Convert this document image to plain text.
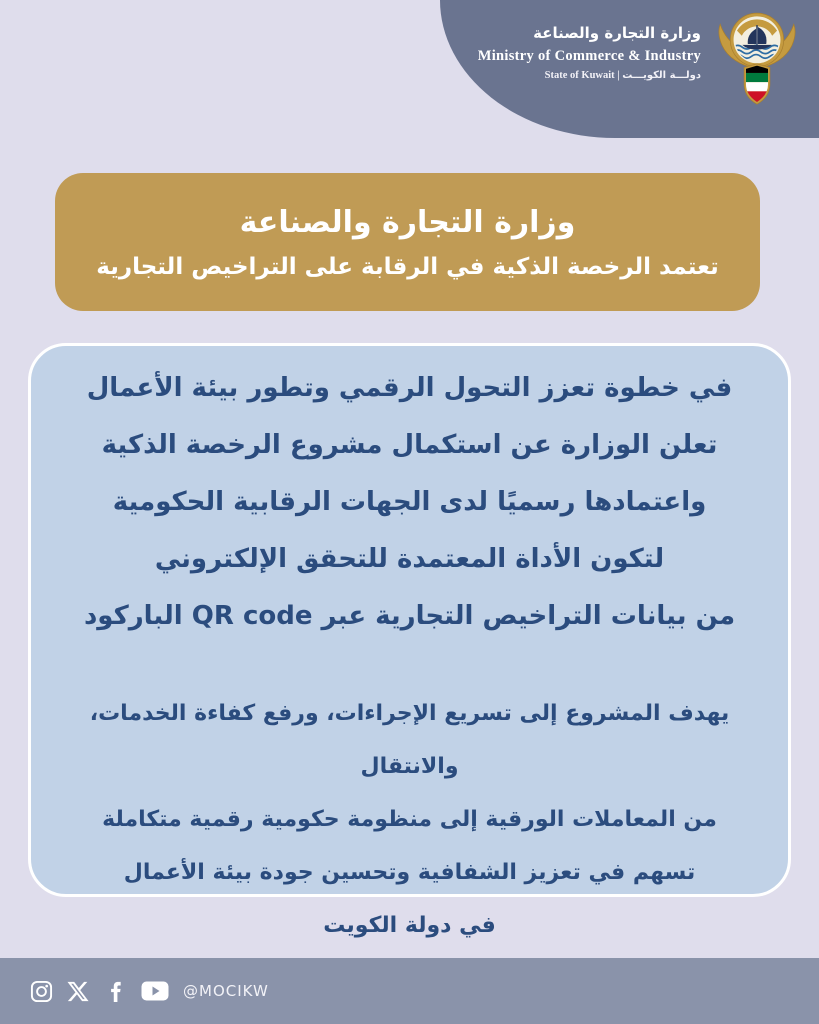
وزارة التجارة والصناعة
Ministry of Commerce & Industry
State of Kuwait | دولـــة الكويـــت
وزارة التجارة والصناعة
تعتمد الرخصة الذكية في الرقابة على التراخيص التجارية
في خطوة تعزز التحول الرقمي وتطور بيئة الأعمال
تعلن الوزارة عن استكمال مشروع الرخصة الذكية
واعتمادها رسميًا لدى الجهات الرقابية الحكومية
لتكون الأداة المعتمدة للتحقق الإلكتروني
من بيانات التراخيص التجارية عبر QR code الباركود
يهدف المشروع إلى تسريع الإجراءات، ورفع كفاءة الخدمات، والانتقال
من المعاملات الورقية إلى منظومة حكومية رقمية متكاملة
تسهم في تعزيز الشفافية وتحسين جودة بيئة الأعمال
في دولة الكويت
@MOCIKW
